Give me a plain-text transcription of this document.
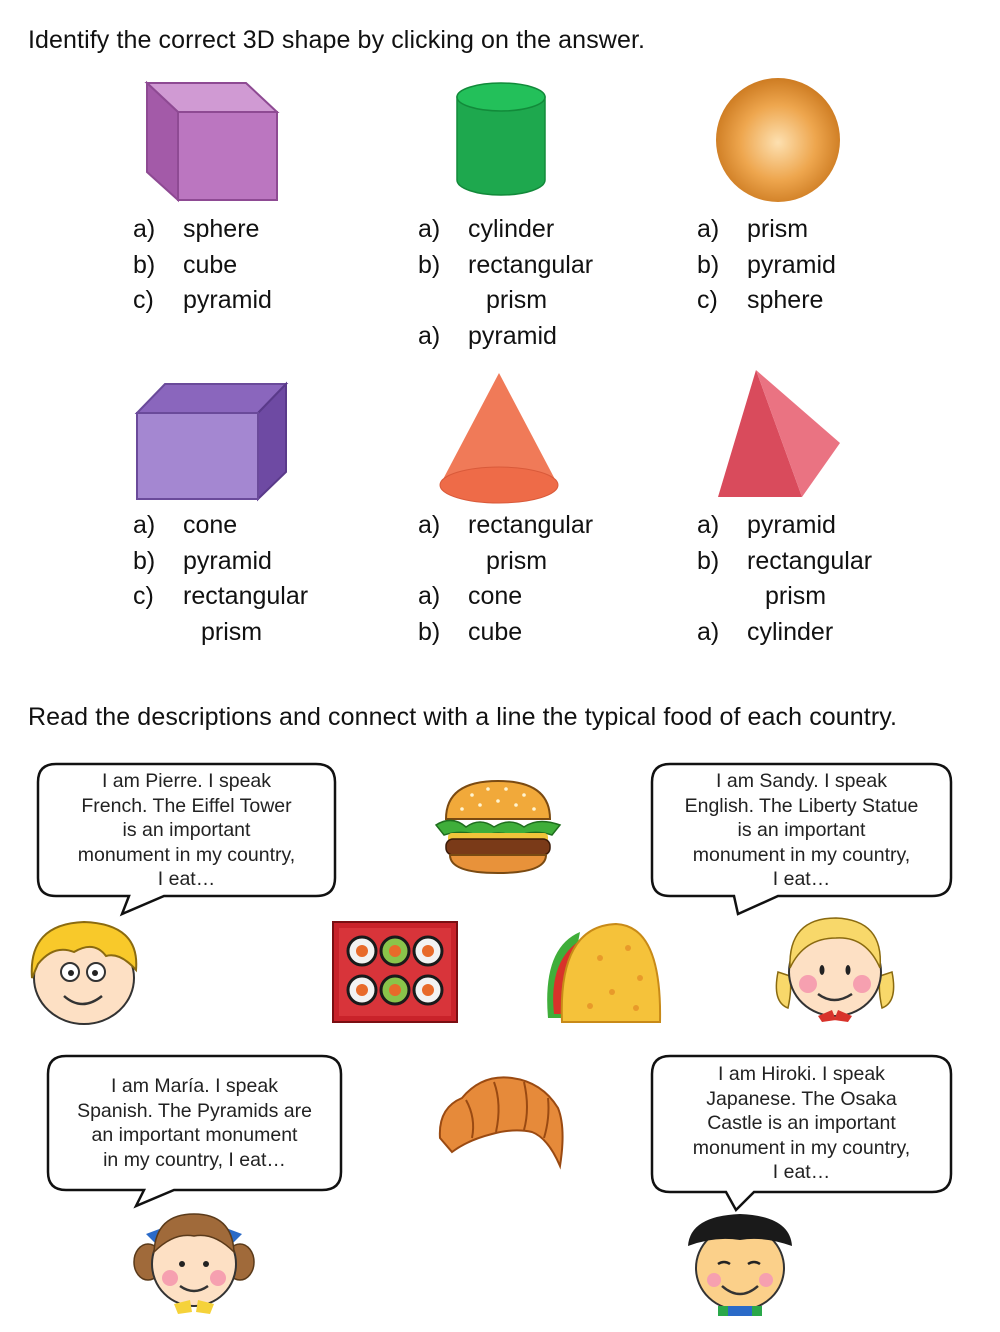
Identify the correct 3D shape by clicking on the answer.
a) sphere
b) cube
c) pyramid
a) cylinder
b) rectangular
prism
a) pyramid
a) prism
b) pyramid
c) sphere
a) cone
b) pyramid
c) rectangular
prism
a) rectangular
prism
a) cone
b) cube
a) pyramid
b) rectangular
prism
a) cylinder
Read the descriptions and connect with a line the typical food of each country.
I am Pierre. I speak
French. The Eiffel Tower
is an important
monument in my country,
I eat…
I am Sandy. I speak
English. The Liberty Statue
is an important
monument in my country,
I eat…
I am María. I speak
Spanish. The Pyramids are
an important monument
in my country, I eat…
I am Hiroki. I speak
Japanese. The Osaka
Castle is an important
monument in my country,
I eat…
